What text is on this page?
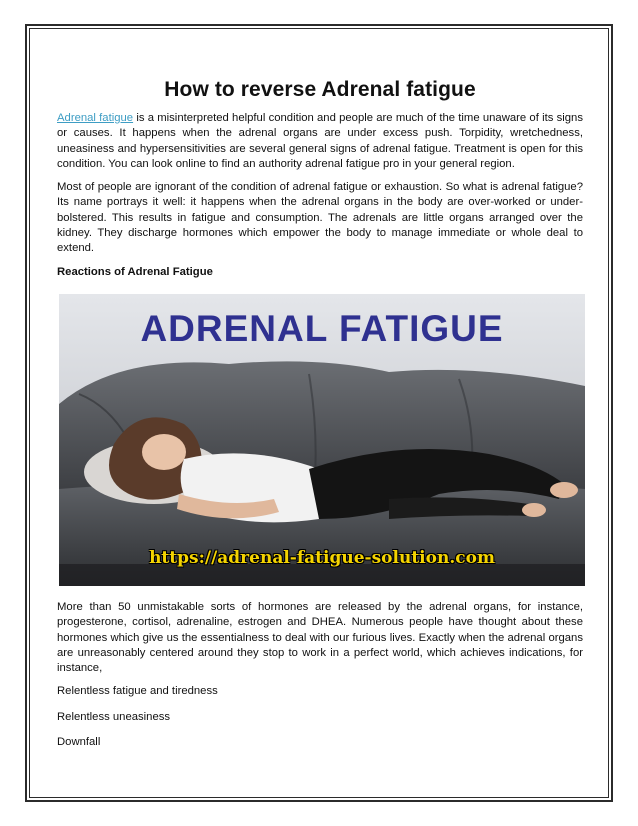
How to reverse Adrenal fatigue

Adrenal fatigue is a misinterpreted helpful condition and people are much of the time unaware of its signs or causes. It happens when the adrenal organs are under excess push. Torpidity, wretchedness, uneasiness and hypersensitivities are several general signs of adrenal fatigue. Treatment is open for this condition. You can look online to find an authority adrenal fatigue pro in your general region.

Most of people are ignorant of the condition of adrenal fatigue or exhaustion. So what is adrenal fatigue? Its name portrays it well: it happens when the adrenal organs in the body are over-worked or under-bolstered. This results in fatigue and consumption. The adrenals are little organs arranged over the kidney. They discharge hormones which empower the body to manage immediate or whole deal to extend.

Reactions of Adrenal Fatigue

ADRENAL FATIGUE
https://adrenal-fatigue-solution.com

More than 50 unmistakable sorts of hormones are released by the adrenal organs, for instance, progesterone, cortisol, adrenaline, estrogen and DHEA. Numerous people have thought about these hormones which give us the essentialness to deal with our furious lives. Exactly when the adrenal organs are unreasonably centered around they stop to work in a perfect world, which achieves indications, for instance,

Relentless fatigue and tiredness

Relentless uneasiness

Downfall
